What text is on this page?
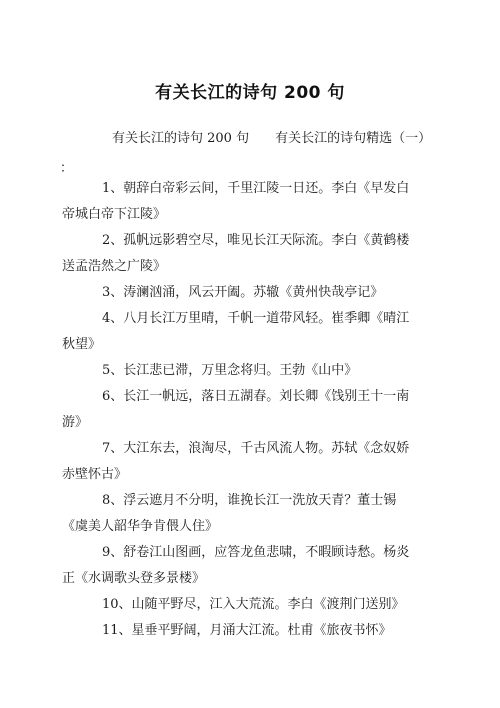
有关长江的诗句 200 句
有关长江的诗句 200 句 有关长江的诗句精选（一）
：
1、朝辞白帝彩云间，千里江陵一日还。李白《早发白
帝城白帝下江陵》
2、孤帆远影碧空尽，唯见长江天际流。李白《黄鹤楼
送孟浩然之广陵》
3、涛澜汹涌，风云开阖。苏辙《黄州快哉亭记》
4、八月长江万里晴，千帆一道带风轻。崔季卿《晴江
秋望》
5、长江悲已滞，万里念将归。王勃《山中》
6、长江一帆远，落日五湖春。刘长卿《饯别王十一南
游》
7、大江东去，浪淘尽，千古风流人物。苏轼《念奴娇
赤壁怀古》
8、浮云遮月不分明，谁挽长江一洗放天青？董士锡
《虞美人韶华争肯偎人住》
9、舒卷江山图画，应答龙鱼悲啸，不暇顾诗愁。杨炎
正《水调歌头登多景楼》
10、山随平野尽，江入大荒流。李白《渡荆门送别》
11、星垂平野阔，月涌大江流。杜甫《旅夜书怀》
